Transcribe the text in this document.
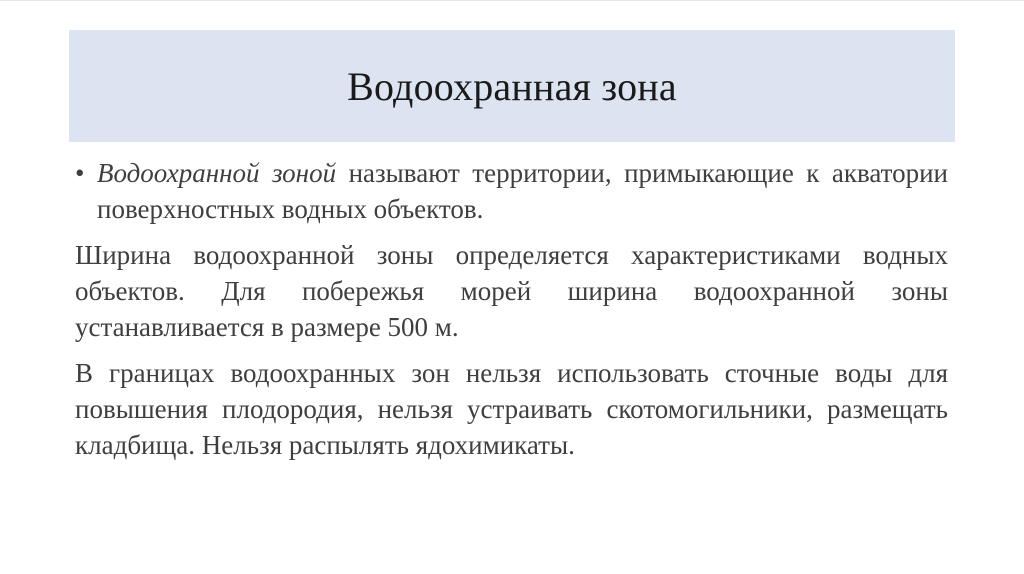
Водоохранная зона
• Водоохранной зоной называют территории, примыкающие к акватории поверхностных водных объектов.

Ширина водоохранной зоны определяется характеристиками водных объектов. Для побережья морей ширина водоохранной зоны устанавливается в размере 500 м.

В границах водоохранных зон нельзя использовать сточные воды для повышения плодородия, нельзя устраивать скотомогильники, размещать кладбища. Нельзя распылять ядохимикаты.
